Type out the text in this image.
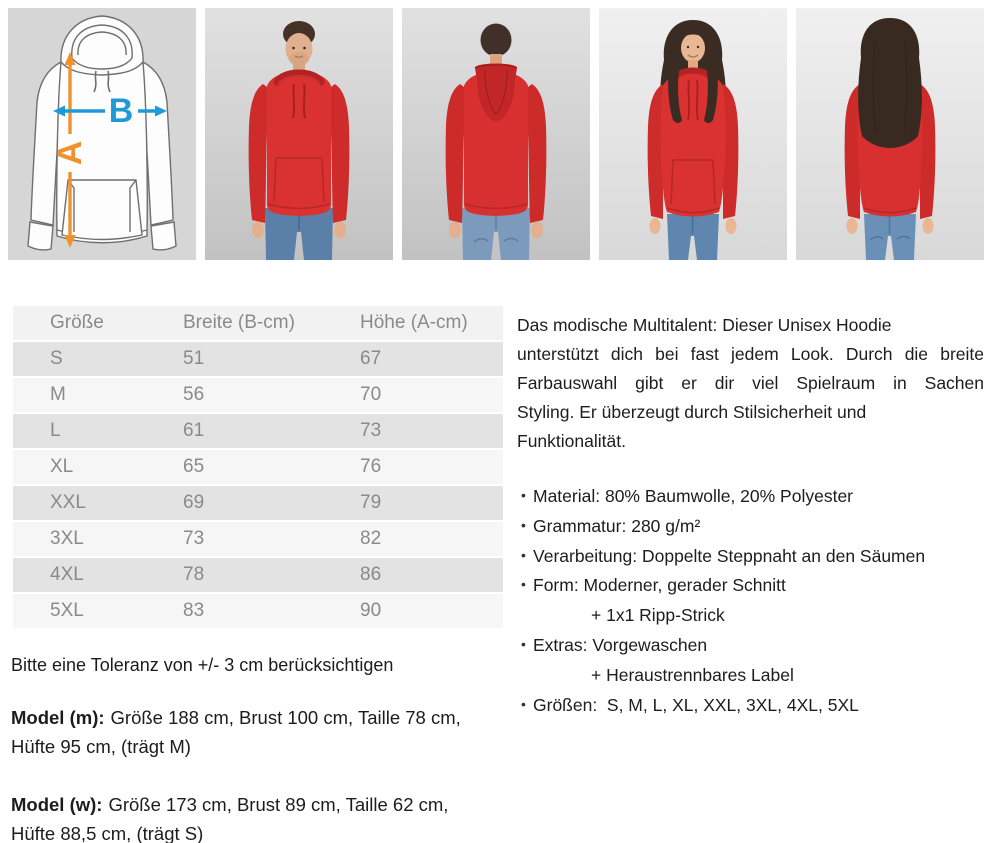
A
B
Größe	Breite (B-cm)	Höhe (A-cm)
S	51	67
M	56	70
L	61	73
XL	65	76
XXL	69	79
3XL	73	82
4XL	78	86
5XL	83	90
Bitte eine Toleranz von +/- 3 cm berücksichtigen
Model (m): Größe 188 cm, Brust 100 cm, Taille 78 cm,
Hüfte 95 cm, (trägt M)
Model (w): Größe 173 cm, Brust 89 cm, Taille 62 cm,
Hüfte 88,5 cm, (trägt S)
Das modische Multitalent: Dieser Unisex Hoodie
unterstützt dich bei fast jedem Look. Durch die breite
Farbauswahl gibt er dir viel Spielraum in Sachen
Styling. Er überzeugt durch Stilsicherheit und
Funktionalität.
• Material: 80% Baumwolle, 20% Polyester
• Grammatur: 280 g/m²
• Verarbeitung: Doppelte Steppnaht an den Säumen
• Form: Moderner, gerader Schnitt
+ 1x1 Ripp-Strick
• Extras: Vorgewaschen
+ Heraustrennbares Label
• Größen:  S, M, L, XL, XXL, 3XL, 4XL, 5XL
